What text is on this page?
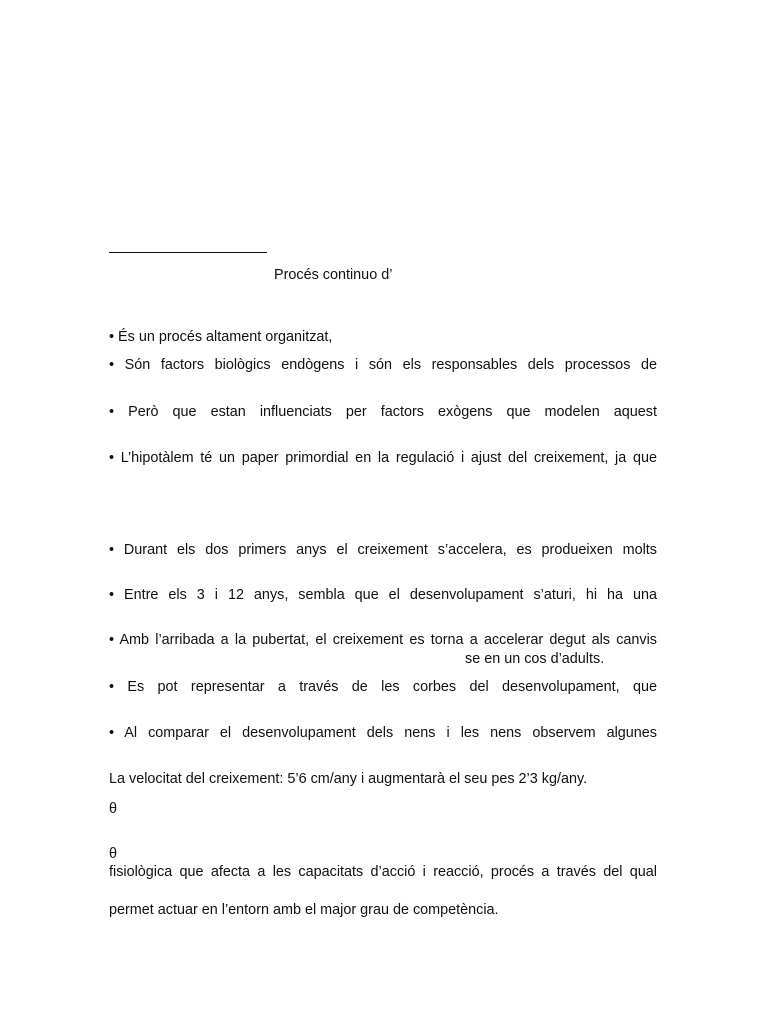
Procés continuo d’
• És un procés altament organitzat,
• Són factors biològics endògens i són els responsables dels processos de
• Però que estan influenciats per factors exògens que modelen aquest
• L’hipotàlem té un paper primordial en la regulació i ajust del creixement, ja que
• Durant els dos primers anys el creixement s’accelera, es produeixen molts
• Entre els 3 i 12 anys, sembla que el desenvolupament s’aturi, hi ha una
• Amb l’arribada a la pubertat, el creixement es torna a accelerar degut als canvis
se en un cos d’adults.
• Es pot representar a través de les corbes del desenvolupament, que
• Al comparar el desenvolupament dels nens i les nens observem algunes
La velocitat del creixement: 5’6 cm/any i augmentarà el seu pes 2’3 kg/any.
θ
θ
fisiològica que afecta a les capacitats d’acció i reacció, procés a través del qual
permet actuar en l’entorn amb el major grau de competència.
